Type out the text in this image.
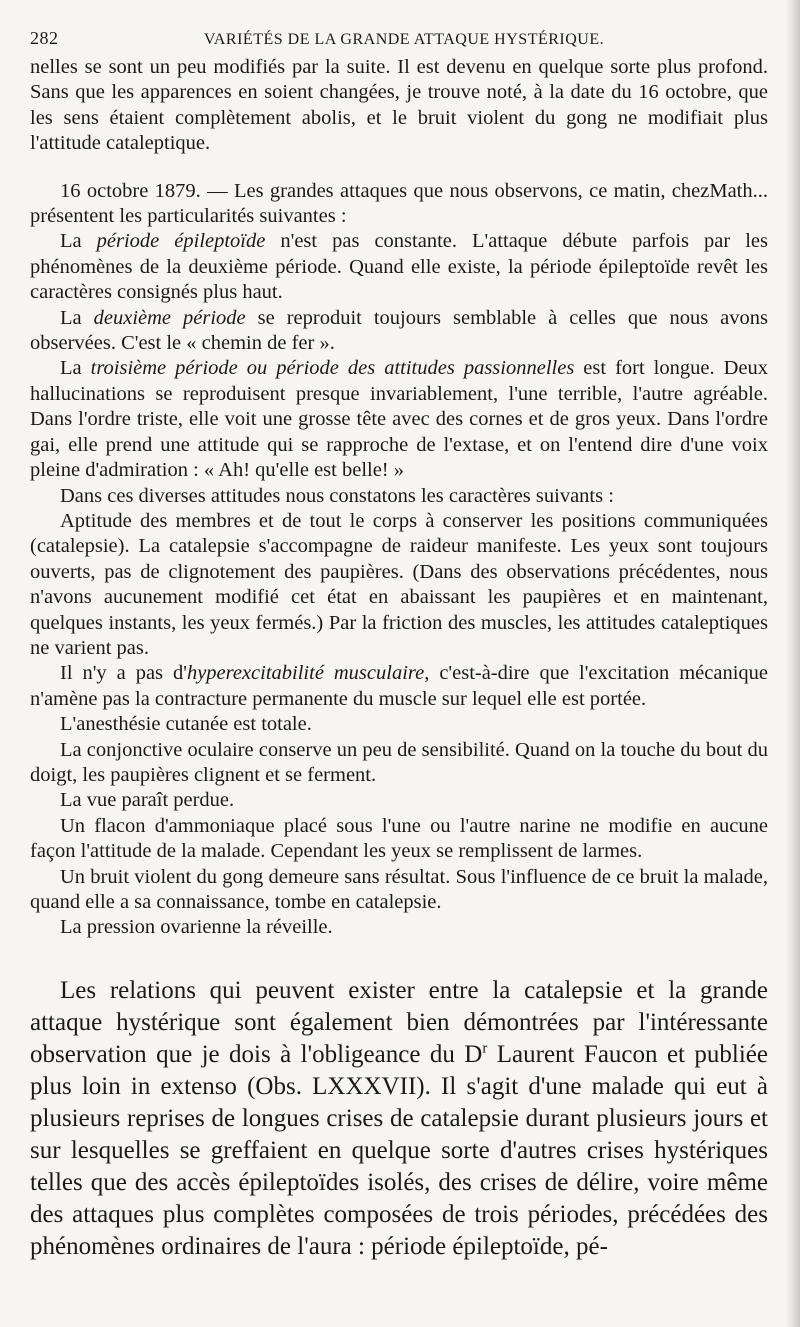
282	VARIÉTÉS DE LA GRANDE ATTAQUE HYSTÉRIQUE.

nelles se sont un peu modifiés par la suite. Il est devenu en quelque sorte plus profond. Sans que les apparences en soient changées, je trouve noté, à la date du 16 octobre, que les sens étaient complètement abolis, et le bruit violent du gong ne modifiait plus l'attitude cataleptique.

16 octobre 1879. — Les grandes attaques que nous observons, ce matin, chezMath... présentent les particularités suivantes :

La période épileptoïde n'est pas constante. L'attaque débute parfois par les phénomènes de la deuxième période. Quand elle existe, la période épileptoïde revêt les caractères consignés plus haut.

La deuxième période se reproduit toujours semblable à celles que nous avons observées. C'est le « chemin de fer ».

La troisième période ou période des attitudes passionnelles est fort longue. Deux hallucinations se reproduisent presque invariablement, l'une terrible, l'autre agréable. Dans l'ordre triste, elle voit une grosse tête avec des cornes et de gros yeux. Dans l'ordre gai, elle prend une attitude qui se rapproche de l'extase, et on l'entend dire d'une voix pleine d'admiration : « Ah! qu'elle est belle! »

Dans ces diverses attitudes nous constatons les caractères suivants :

Aptitude des membres et de tout le corps à conserver les positions communiquées (catalepsie). La catalepsie s'accompagne de raideur manifeste. Les yeux sont toujours ouverts, pas de clignotement des paupières. (Dans des observations précédentes, nous n'avons aucunement modifié cet état en abaissant les paupières et en maintenant, quelques instants, les yeux fermés.) Par la friction des muscles, les attitudes cataleptiques ne varient pas.

Il n'y a pas d'hyperexcitabilité musculaire, c'est-à-dire que l'excitation mécanique n'amène pas la contracture permanente du muscle sur lequel elle est portée.

L'anesthésie cutanée est totale.

La conjonctive oculaire conserve un peu de sensibilité. Quand on la touche du bout du doigt, les paupières clignent et se ferment.

La vue paraît perdue.

Un flacon d'ammoniaque placé sous l'une ou l'autre narine ne modifie en aucune façon l'attitude de la malade. Cependant les yeux se remplissent de larmes.

Un bruit violent du gong demeure sans résultat. Sous l'influence de ce bruit la malade, quand elle a sa connaissance, tombe en catalepsie.

La pression ovarienne la réveille.

Les relations qui peuvent exister entre la catalepsie et la grande attaque hystérique sont également bien démontrées par l'intéressante observation que je dois à l'obligeance du $D^r$ Laurent Faucon et publiée plus loin in extenso (Obs. LXXXVII). Il s'agit d'une malade qui eut à plusieurs reprises de longues crises de catalepsie durant plusieurs jours et sur lesquelles se greffaient en quelque sorte d'autres crises hystériques telles que des accès épileptoïdes isolés, des crises de délire, voire même des attaques plus complètes composées de trois périodes, précédées des phénomènes ordinaires de l'aura : période épileptoïde, pé-
